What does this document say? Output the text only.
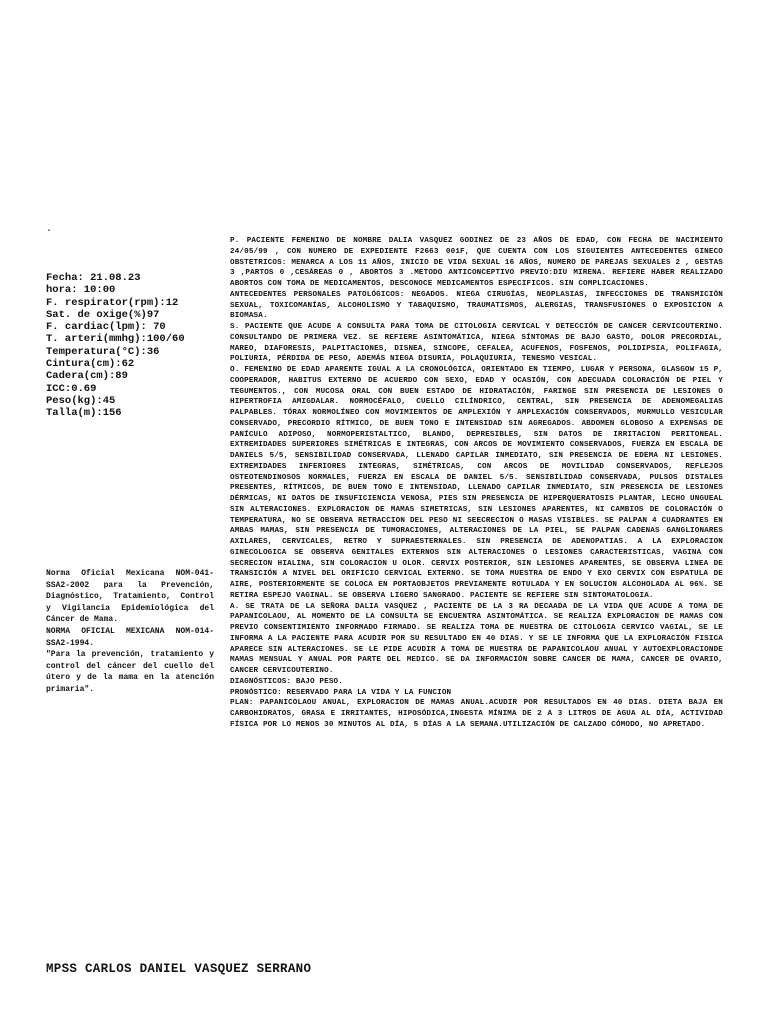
.
Fecha: 21.08.23
hora: 10:00
F. respirator(rpm):12
Sat. de oxige(%)97
F. cardiac(lpm): 70
T. arteri(mmhg):100/60
Temperatura(°C):36
Cintura(cm):62
Cadera(cm):89
ICC:0.69
Peso(kg):45
Talla(m):156

Norma Oficial Mexicana NOM-041-SSA2-2002 para la Prevención, Diagnóstico, Tratamiento, Control y Vigilancia Epidemiológica del Cáncer de Mama.

NORMA OFICIAL MEXICANA NOM-014-SSA2-1994.

"Para la prevención, tratamiento y control del cáncer del cuello del útero y de la mama en la atención primaria".

P. PACIENTE FEMENINO DE NOMBRE DALIA VASQUEZ GODINEZ DE 23 AÑOS DE EDAD, CON FECHA DE NACIMIENTO 24/05/99 , CON NUMERO DE EXPEDIENTE F2663 001F, QUE CUENTA CON LOS SIGUIENTES ANTECEDENTES GINECO OBSTETRICOS: MENARCA A LOS 11 AÑOS, INICIO DE VIDA SEXUAL 16 AÑOS, NUMERO DE PAREJAS SEXUALES 2 , GESTAS 3 ,PARTOS 0 ,CESÁREAS 0 , ABORTOS 3 .METODO ANTICONCEPTIVO PREVIO:DIU MIRENA. REFIERE HABER REALIZADO ABORTOS CON TOMA DE MEDICAMENTOS, DESCONOCE MEDICAMENTOS ESPECIFICOS. SIN COMPLICACIONES.

ANTECEDENTES PERSONALES PATOLÓGICOS: NEGADOS. NIEGA CIRUGÍAS, NEOPLASIAS, INFECCIONES DE TRANSMICIÓN SEXUAL, TOXICOMANÍAS, ALCOHOLISMO Y TABAQUISMO, TRAUMATISMOS, ALERGIAS, TRANSFUSIONES O EXPOSICION A BIOMASA.

S. PACIENTE QUE ACUDE A CONSULTA PARA TOMA DE CITOLOGIA CERVICAL Y DETECCIÓN DE CANCER CERVICOUTERINO. CONSULTANDO DE PRIMERA VEZ. SE REFIERE ASINTOMÁTICA, NIEGA SÍNTOMAS DE BAJO GASTO, DOLOR PRECORDIAL, MAREO, DIAFORESIS, PALPITACIONES, DISNEA, SINCOPE, CEFALEA, ACUFENOS, FOSFENOS, POLIDIPSIA, POLIFAGIA, POLIURIA, PÉRDIDA DE PESO, ADEMÁS NIEGA DISURIA, POLAQUIURIA, TENESMO VESICAL.

O. FEMENINO DE EDAD APARENTE IGUAL A LA CRONOLÓGICA, ORIENTADO EN TIEMPO, LUGAR Y PERSONA, GLASGOW 15 P, COOPERADOR, HABITUS EXTERNO DE ACUERDO CON SEXO, EDAD Y OCASIÓN, CON ADECUADA COLORACIÓN DE PIEL Y TEGUMENTOS., CON MUCOSA ORAL CON BUEN ESTADO DE HIDRATACIÓN, FARINGE SIN PRESENCIA DE LESIONES O HIPERTROFIA AMIGDALAR. NORMOCÉFALO, CUELLO CILÍNDRICO, CENTRAL, SIN PRESENCIA DE ADENOMEGALIAS PALPABLES. TÓRAX NORMOLÍNEO CON MOVIMIENTOS DE AMPLEXIÓN Y AMPLEXACIÓN CONSERVADOS, MURMULLO VESICULAR CONSERVADO, PRECORDIO RÍTMICO, DE BUEN TONO E INTENSIDAD SIN AGREGADOS. ABDOMEN GLOBOSO A EXPENSAS DE PANÍCULO ADIPOSO, NORMOPERISTALTICO, BLANDO, DEPRESIBLES, SIN DATOS DE IRRITACION PERITONEAL. EXTREMIDADES SUPERIORES SIMÉTRICAS E INTEGRAS, CON ARCOS DE MOVIMIENTO CONSERVADOS, FUERZA EN ESCALA DE DANIELS 5/5, SENSIBILIDAD CONSERVADA, LLENADO CAPILAR INMEDIATO, SIN PRESENCIA DE EDEMA NI LESIONES. EXTREMIDADES INFERIORES INTEGRAS, SIMÉTRICAS, CON ARCOS DE MOVILIDAD CONSERVADOS, REFLEJOS OSTEOTENDINOSOS NORMALES, FUERZA EN ESCALA DE DANIEL 5/5. SENSIBILIDAD CONSERVADA, PULSOS DISTALES PRESENTES, RÍTMICOS, DE BUEN TONO E INTENSIDAD, LLENADO CAPILAR INMEDIATO, SIN PRESENCIA DE LESIONES DÉRMICAS, NI DATOS DE INSUFICIENCIA VENOSA, PIES SIN PRESENCIA DE HIPERQUERATOSIS PLANTAR, LECHO UNGUEAL SIN ALTERACIONES. EXPLORACION DE MAMAS SIMETRICAS, SIN LESIONES APARENTES, NI CAMBIOS DE COLORACIÓN O TEMPERATURA, NO SE OBSERVA RETRACCION DEL PESO NI SEECRECION O MASAS VISIBLES. SE PALPAN 4 CUADRANTES EN AMBAS MAMAS, SIN PRESENCIA DE TUMORACIONES, ALTERACIONES DE LA PIEL, SE PALPAN CADENAS GANGLIONARES AXILARES, CERVICALES, RETRO Y SUPRAESTERNALES. SIN PRESENCIA DE ADENOPATIAS. A LA EXPLORACION GINECOLOGICA SE OBSERVA GENITALES EXTERNOS SIN ALTERACIONES O LESIONES CARACTERISTICAS, VAGINA CON SECRECION HIALINA, SIN COLORACION U OLOR. CERVIX POSTERIOR, SIN LESIONES APARENTES, SE OBSERVA LINEA DE TRANSICIÓN A NIVEL DEL ORIFICIO CERVICAL EXTERNO. SE TOMA MUESTRA DE ENDO Y EXO CERVIX CON ESPATULA DE AIRE, POSTERIORMENTE SE COLOCA EN PORTAOBJETOS PREVIAMENTE ROTULADA Y EN SOLUCION ALCOHOLADA AL 96%. SE RETIRA ESPEJO VAGINAL. SE OBSERVA LIGERO SANGRADO. PACIENTE SE REFIERE SIN SINTOMATOLOGIA.

A. SE TRATA DE LA SEÑORA DALIA VASQUEZ , PACIENTE DE LA 3 RA DECAADA DE LA VIDA QUE ACUDE A TOMA DE PAPANICOLAOU, AL MOMENTO DE LA CONSULTA SE ENCUENTRA ASINTOMÁTICA. SE REALIZA EXPLORACION DE MAMAS CON PREVIO CONSENTIMIENTO INFORMADO FIRMADO. SE REALIZA TOMA DE MUESTRA DE CITOLOGIA CERVICO VAGIAL, SE LE INFORMA A LA PACIENTE PARA ACUDIR POR SU RESULTADO EN 40 DIAS. Y SE LE INFORMA QUE LA EXPLORACIÓN FISICA APARECE SIN ALTERACIONES. SE LE PIDE ACUDIR A TOMA DE MUESTRA DE PAPANICOLAOU ANUAL Y AUTOEXPLORACIONDE MAMAS MENSUAL Y ANUAL POR PARTE DEL MEDICO. SE DA INFORMACIÓN SOBRE CANCER DE MAMA, CANCER DE OVARIO, CANCER CERVICOUTERINO.

DIAGNÓSTICOS: BAJO PESO.

PRONÓSTICO: RESERVADO PARA LA VIDA Y LA FUNCION

PLAN: PAPANICOLAOU ANUAL, EXPLORACION DE MAMAS ANUAL.ACUDIR POR RESULTADOS EN 40 DIAS. DIETA BAJA EN CARBOHIDRATOS, GRASA E IRRITANTES, HIPOSÓDICA,INGESTA MÍNIMA DE 2 A 3 LITROS DE AGUA AL DÍA, ACTIVIDAD FÍSICA POR LO MENOS 30 MINUTOS AL DÍA, 5 DÍAS A LA SEMANA.UTILIZACIÓN DE CALZADO CÓMODO, NO APRETADO.

MPSS CARLOS DANIEL VASQUEZ SERRANO
